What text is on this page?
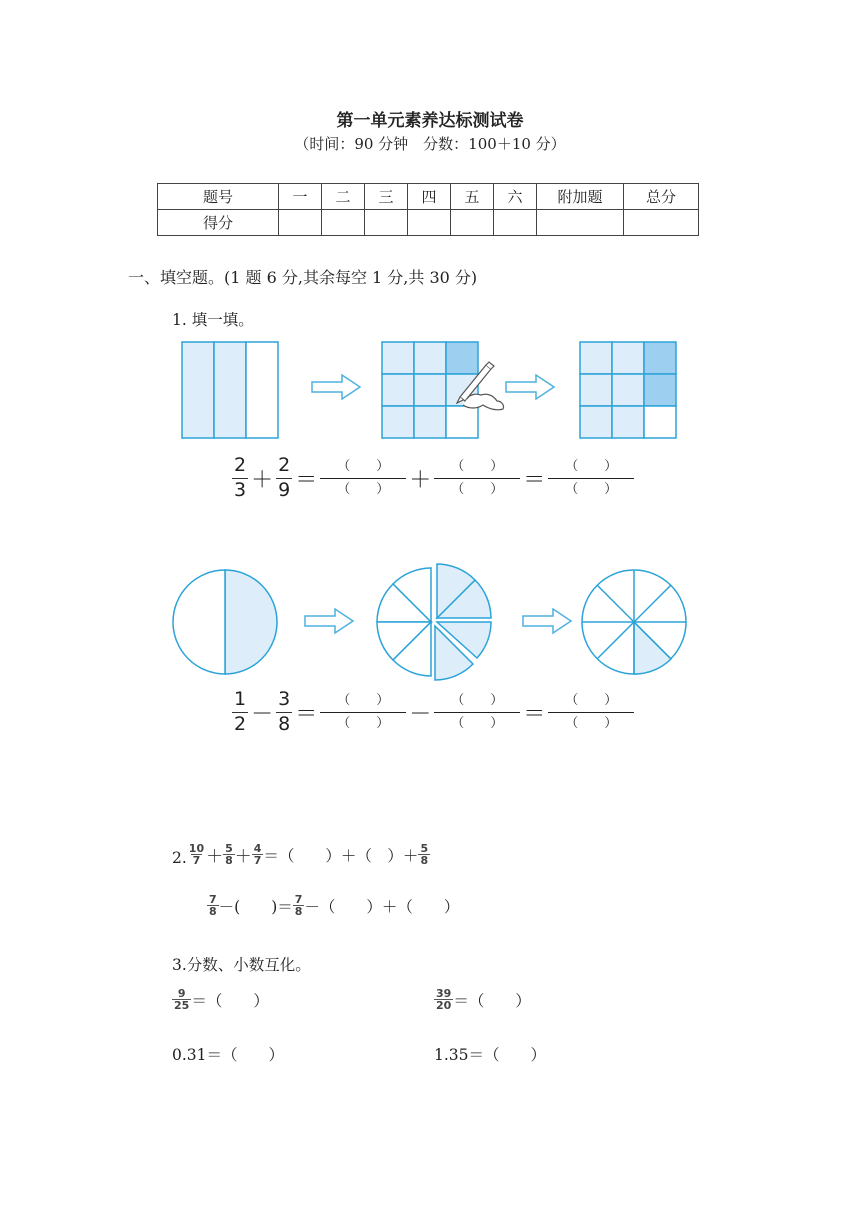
第一单元素养达标测试卷
（时间：90 分钟　分数：100＋10 分）
题号	一	二	三	四	五	六	附加题	总分
得分								
一、填空题。(1 题 6 分,其余每空 1 分,共 30 分)
1. 填一填。
$\frac{2}{3} + \frac{2}{9}$ ＝
（　　）
（　　） ＋
（　　）
（　　） ＝
（　　）
（　　）
$\frac{1}{2} - \frac{3}{8}$ ＝
（　　）
（　　） －
（　　）
（　　） ＝
（　　）
（　　）
2. $\frac{10}{7} + \frac{5}{8} + \frac{4}{7}$ ＝（　　）＋（　）＋ $\frac{5}{8}$
$\frac{7}{8}$ －(　　)＝ $\frac{7}{8}$ －（　　）＋（　　）
3.分数、小数互化。
$\frac{9}{25}$ ＝（　　）	$\frac{39}{20}$ ＝（　　）
0.31＝（　　）	1.35＝（　　）
